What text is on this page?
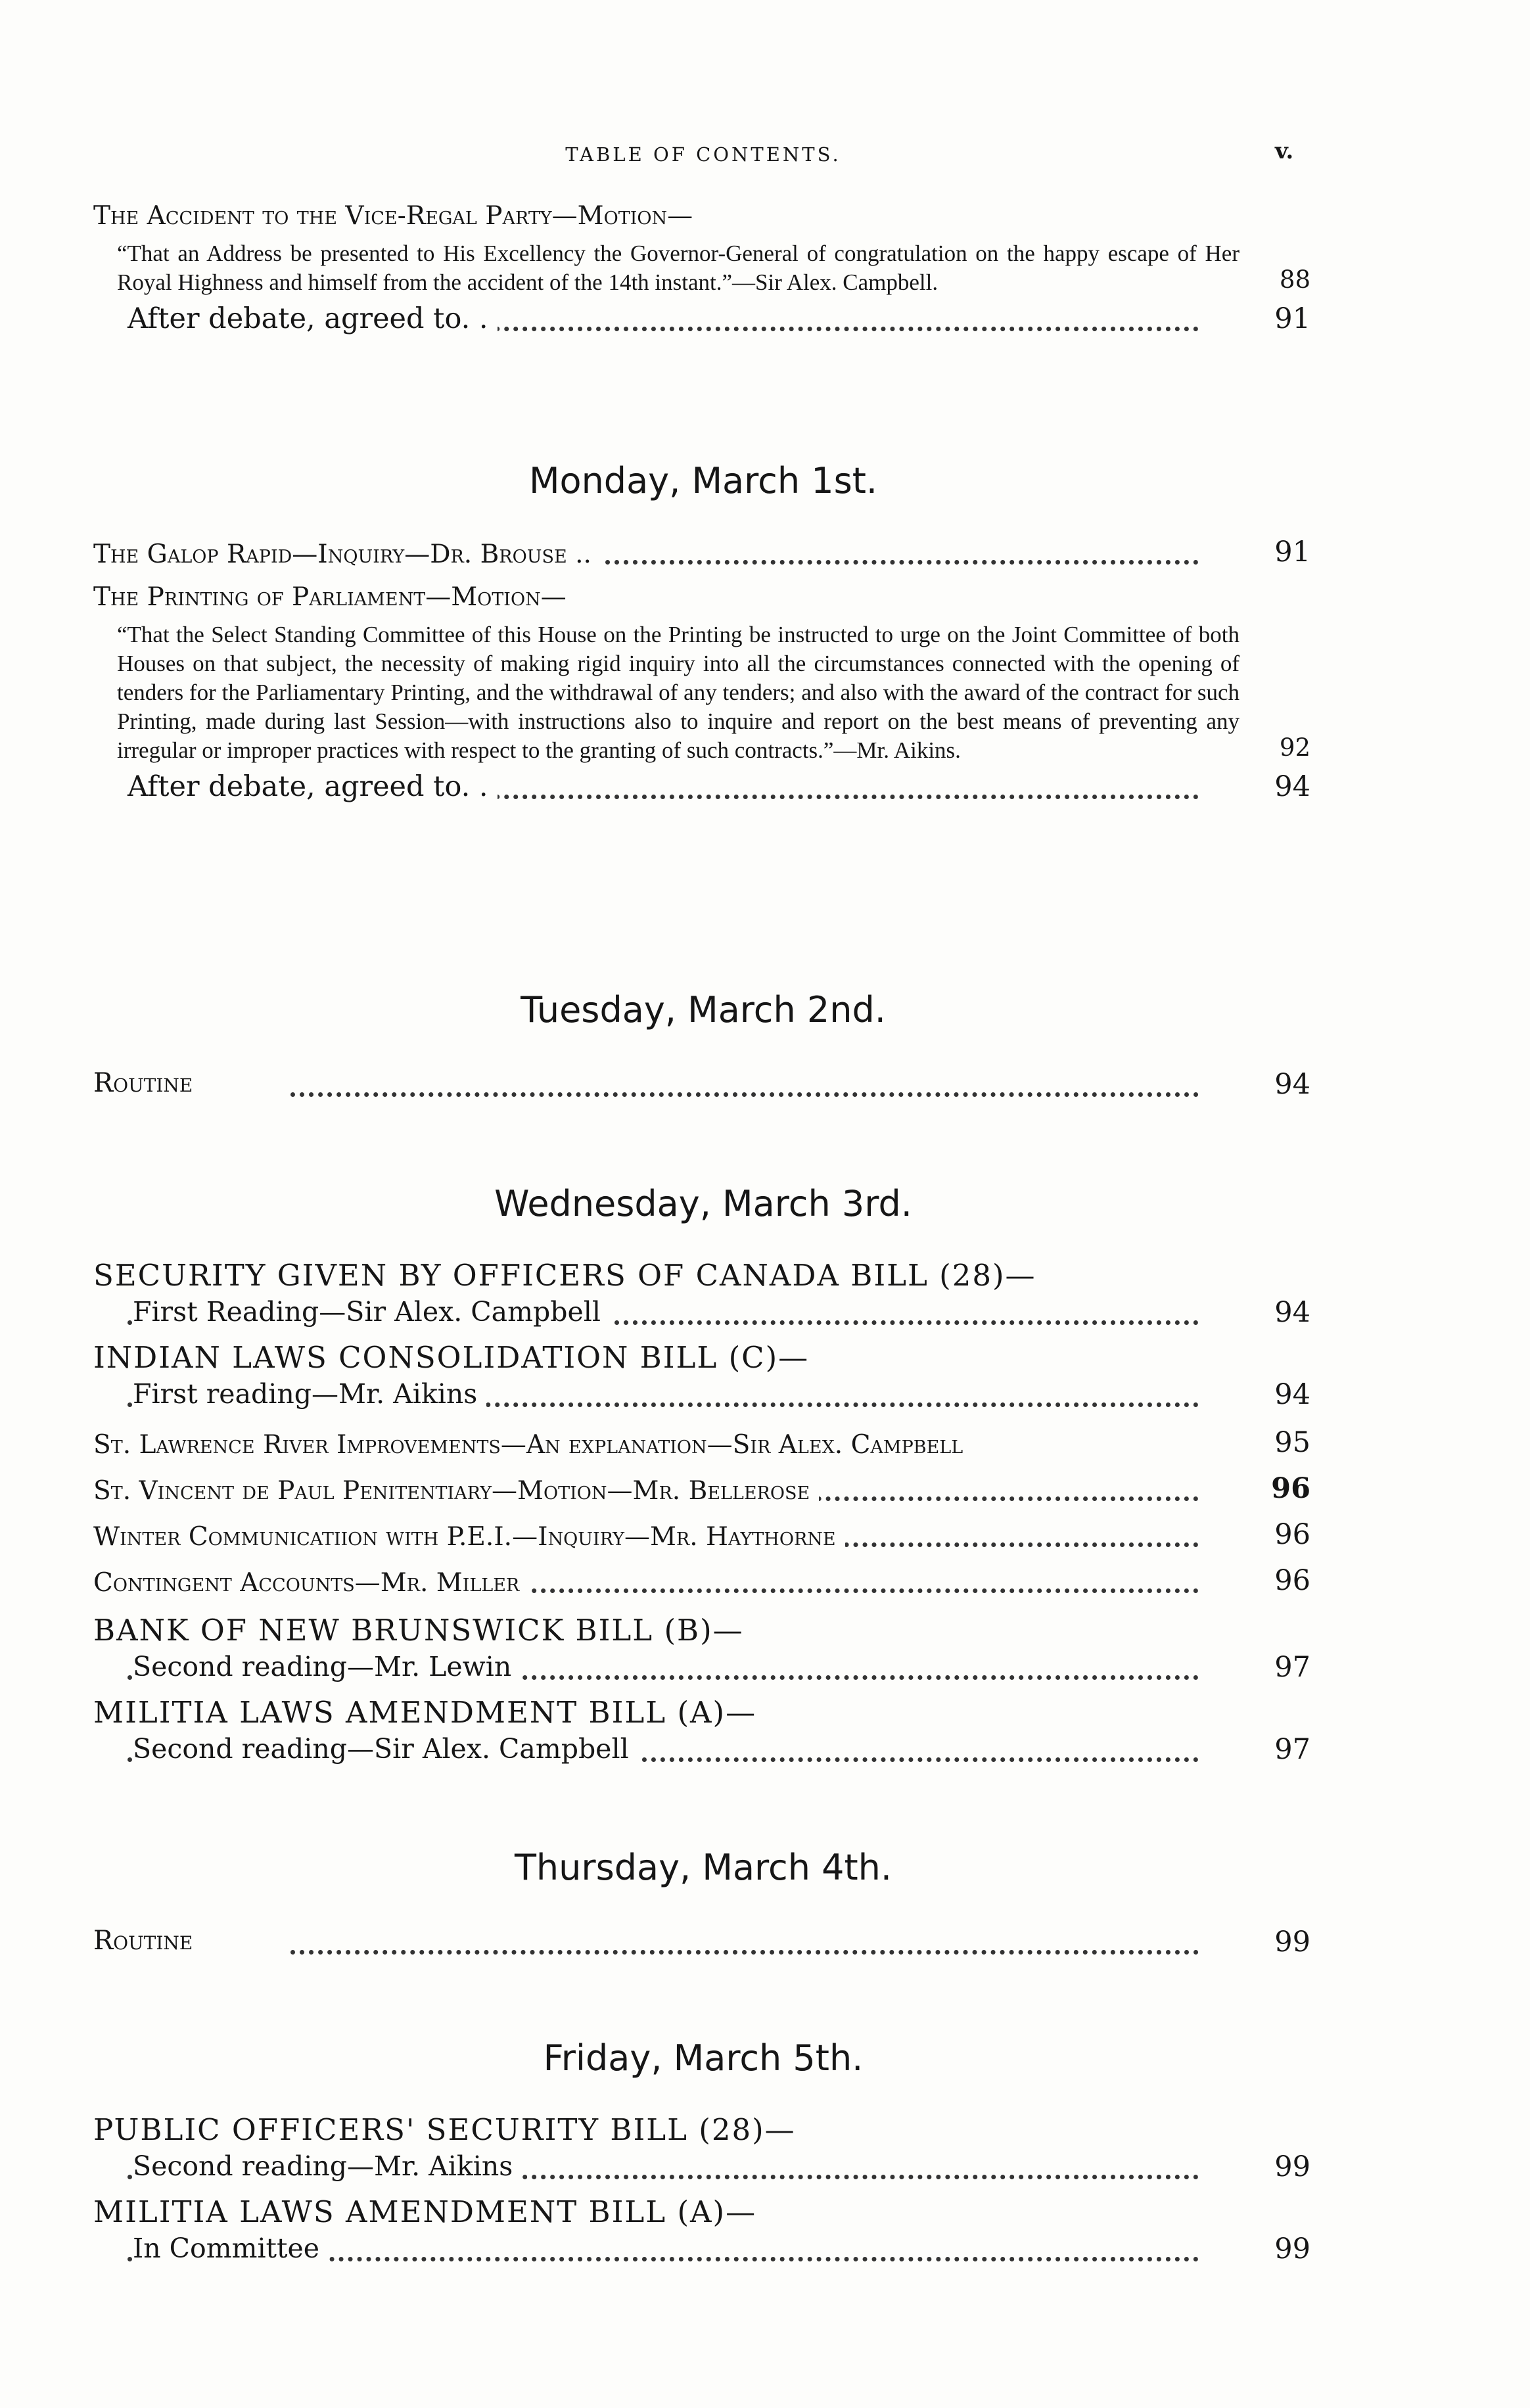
TABLE OF CONTENTS.	v.
The Accident to the Vice-Regal Party—Motion—
“That an Address be presented to His Excellency the Governor-General of congratulation on the happy escape of Her Royal Highness and himself from the accident of the 14th instant.”—Sir Alex. Campbell.	88
After debate, agreed to. .	91
Monday, March 1st.
The Galop Rapid—Inquiry—Dr. Brouse ..	91
The Printing of Parliament—Motion—
“That the Select Standing Committee of this House on the Printing be instructed to urge on the Joint Committee of both Houses on that subject, the necessity of making rigid inquiry into all the circumstances connected with the opening of tenders for the Parliamentary Printing, and the withdrawal of any tenders; and also with the award of the contract for such Printing, made during last Session—with instructions also to inquire and report on the best means of preventing any irregular or improper practices with respect to the granting of such contracts.”—Mr. Aikins.	92
After debate, agreed to. .	94
Tuesday, March 2nd.
Routine	94
Wednesday, March 3rd.
SECURITY GIVEN BY OFFICERS OF CANADA BILL (28)—
First Reading—Sir Alex. Campbell	94
INDIAN LAWS CONSOLIDATION BILL (C)—
First reading—Mr. Aikins	94
St. Lawrence River Improvements—An explanation—Sir Alex. Campbell	95
St. Vincent de Paul Penitentiary—Motion—Mr. Bellerose	96
Winter Communicatiion with P.E.I.—Inquiry—Mr. Haythorne	96
Contingent Accounts—Mr. Miller	96
BANK OF NEW BRUNSWICK BILL (B)—
Second reading—Mr. Lewin	97
MILITIA LAWS AMENDMENT BILL (A)—
Second reading—Sir Alex. Campbell	97
Thursday, March 4th.
Routine	99
Friday, March 5th.
PUBLIC OFFICERS' SECURITY BILL (28)—
Second reading—Mr. Aikins	99
MILITIA LAWS AMENDMENT BILL (A)—
In Committee	99
